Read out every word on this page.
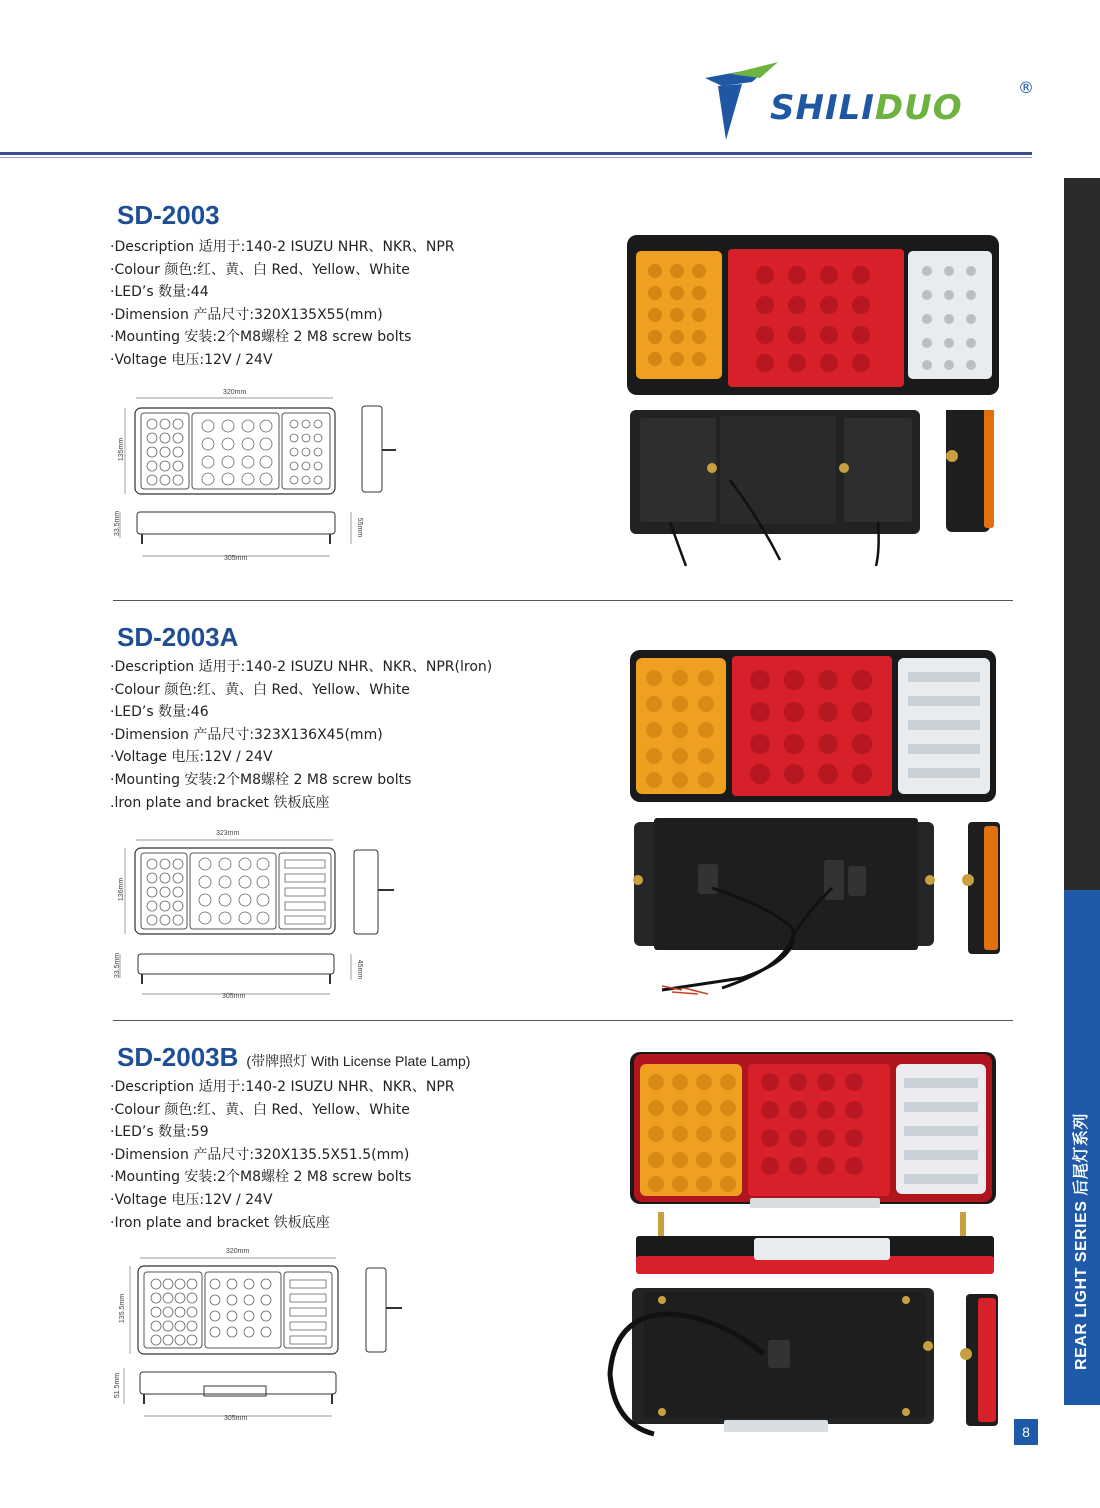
SHILIDUO
®
REAR LIGHT SERIES 后尾灯系列
8
SD-2003
·Description 适用于:140-2 ISUZU NHR、NKR、NPR
·Colour 颜色:红、黄、白 Red、Yellow、White
·LED’s 数量:44
·Dimension 产品尺寸:320X135X55(mm)
·Mounting 安装:2个M8螺栓 2 M8 screw bolts
·Voltage 电压:12V / 24V
320mm
135mm
33.5mm	55mm
305mm
SD-2003A
·Description 适用于:140-2 ISUZU NHR、NKR、NPR(lron)
·Colour 颜色:红、黄、白 Red、Yellow、White
·LED’s 数量:46
·Dimension 产品尺寸:323X136X45(mm)
·Voltage 电压:12V / 24V
·Mounting 安装:2个M8螺栓 2 M8 screw bolts
.lron plate and bracket 铁板底座
323mm
136mm
33.5mm	45mm
305mm
SD-2003B (带牌照灯 With License Plate Lamp)
·Description 适用于:140-2 ISUZU NHR、NKR、NPR
·Colour 颜色:红、黄、白 Red、Yellow、White
·LED’s 数量:59
·Dimension 产品尺寸:320X135.5X51.5(mm)
·Mounting 安装:2个M8螺栓 2 M8 screw bolts
·Voltage 电压:12V / 24V
·Iron plate and bracket 铁板底座
320mm
135.5mm
51.5mm
305mm
